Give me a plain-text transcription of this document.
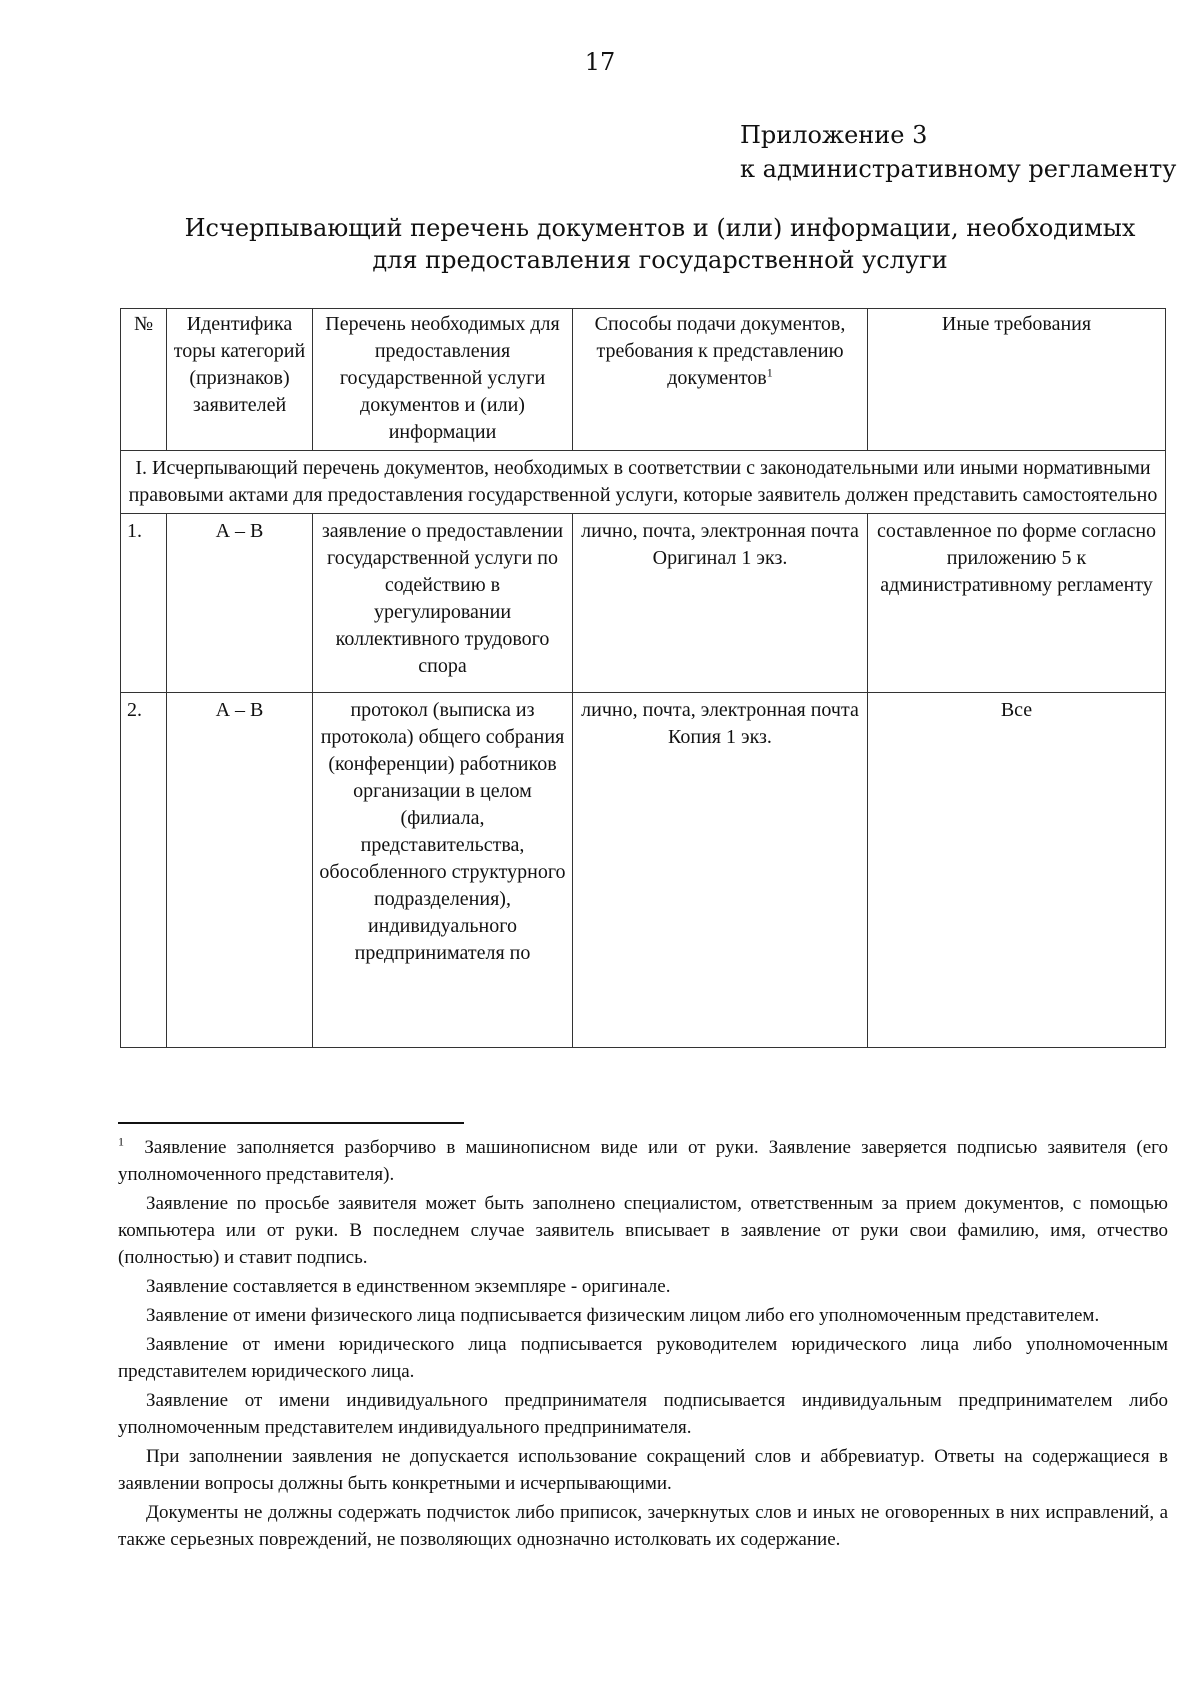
17
Приложение 3
к административному регламенту
Исчерпывающий перечень документов и (или) информации, необходимых
для предоставления государственной услуги
№	Идентифика торы категорий (признаков) заявителей	Перечень необходимых для предоставления государственной услуги документов и (или) информации	Способы подачи документов, требования к представлению документов$^1$	Иные требования
I. Исчерпывающий перечень документов, необходимых в соответствии с законодательными или иными нормативными правовыми актами для предоставления государственной услуги, которые заявитель должен представить самостоятельно				
1.	А – В	заявление о предоставлении государственной услуги по содействию в урегулировании коллективного трудового спора	лично, почта, электронная почта Оригинал 1 экз.	составленное по форме согласно приложению 5 к административному регламенту
2.	А – В	протокол (выписка из протокола) общего собрания (конференции) работников организации в целом (филиала, представительства, обособленного структурного подразделения), индивидуального предпринимателя по	лично, почта, электронная почта Копия 1 экз.	Все

$^1$ Заявление заполняется разборчиво в машинописном виде или от руки. Заявление заверяется подписью заявителя (его уполномоченного представителя).

Заявление по просьбе заявителя может быть заполнено специалистом, ответственным за прием документов, с помощью компьютера или от руки. В последнем случае заявитель вписывает в заявление от руки свои фамилию, имя, отчество (полностью) и ставит подпись.

Заявление составляется в единственном экземпляре - оригинале.

Заявление от имени физического лица подписывается физическим лицом либо его уполномоченным представителем.

Заявление от имени юридического лица подписывается руководителем юридического лица либо уполномоченным представителем юридического лица.

Заявление от имени индивидуального предпринимателя подписывается индивидуальным предпринимателем либо уполномоченным представителем индивидуального предпринимателя.

При заполнении заявления не допускается использование сокращений слов и аббревиатур. Ответы на содержащиеся в заявлении вопросы должны быть конкретными и исчерпывающими.

Документы не должны содержать подчисток либо приписок, зачеркнутых слов и иных не оговоренных в них исправлений, а также серьезных повреждений, не позволяющих однозначно истолковать их содержание.
